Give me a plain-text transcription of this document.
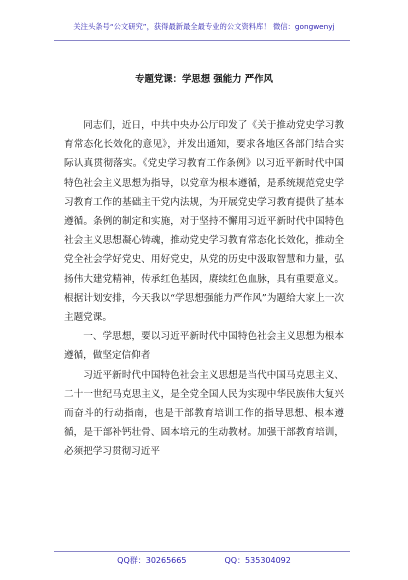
关注头条号“公文研究”，获得最新最全最专业的公文资料库！ 微信：gongwenyj
专题党课：学思想 强能力 严作风

同志们，近日，中共中央办公厅印发了《关于推动党史学习教育常态化长效化的意见》，并发出通知，要求各地区各部门结合实际认真贯彻落实。《党史学习教育工作条例》以习近平新时代中国特色社会主义思想为指导，以党章为根本遵循，是系统规范党史学习教育工作的基础主干党内法规，为开展党史学习教育提供了基本遵循。条例的制定和实施，对于坚持不懈用习近平新时代中国特色社会主义思想凝心铸魂，推动党史学习教育常态化长效化，推动全党全社会学好党史、用好党史，从党的历史中汲取智慧和力量，弘扬伟大建党精神，传承红色基因，赓续红色血脉，具有重要意义。根据计划安排，今天我以“学思想强能力严作风”为题给大家上一次主题党课。

一、学思想，要以习近平新时代中国特色社会主义思想为根本遵循，做坚定信仰者

习近平新时代中国特色社会主义思想是当代中国马克思主义、二十一世纪马克思主义，是全党全国人民为实现中华民族伟大复兴而奋斗的行动指南，也是干部教育培训工作的指导思想、根本遵循，是干部补钙壮骨、固本培元的生动教材。加强干部教育培训，必须把学习贯彻习近平

QQ群：30265665	QQ：535304092
